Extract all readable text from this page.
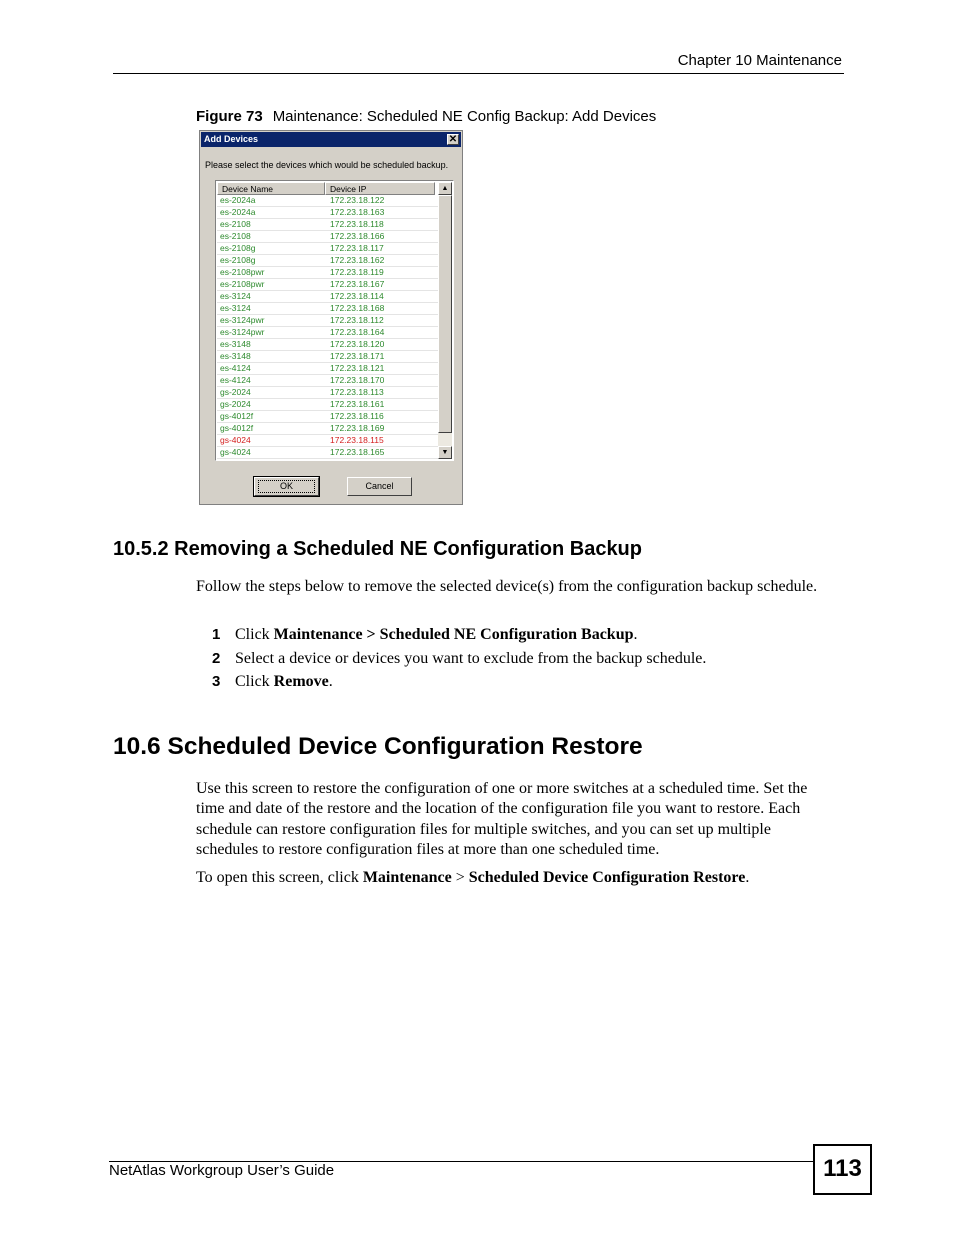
Chapter 10 Maintenance
Figure 73 Maintenance: Scheduled NE Config Backup: Add Devices
Add Devices	✕
Please select the devices which would be scheduled backup.
Device Name	Device IP
es-2024a	172.23.18.122
es-2024a	172.23.18.163
es-2108	172.23.18.118
es-2108	172.23.18.166
es-2108g	172.23.18.117
es-2108g	172.23.18.162
es-2108pwr	172.23.18.119
es-2108pwr	172.23.18.167
es-3124	172.23.18.114
es-3124	172.23.18.168
es-3124pwr	172.23.18.112
es-3124pwr	172.23.18.164
es-3148	172.23.18.120
es-3148	172.23.18.171
es-4124	172.23.18.121
es-4124	172.23.18.170
gs-2024	172.23.18.113
gs-2024	172.23.18.161
gs-4012f	172.23.18.116
gs-4012f	172.23.18.169
gs-4024	172.23.18.115
gs-4024	172.23.18.165
▲
▼
OK	Cancel
10.5.2 Removing a Scheduled NE Configuration Backup
Follow the steps below to remove the selected device(s) from the configuration backup schedule.
1 Click Maintenance > Scheduled NE Configuration Backup.
2 Select a device or devices you want to exclude from the backup schedule.
3 Click Remove.
10.6 Scheduled Device Configuration Restore
Use this screen to restore the configuration of one or more switches at a scheduled time. Set the time and date of the restore and the location of the configuration file you want to restore. Each schedule can restore configuration files for multiple switches, and you can set up multiple schedules to restore configuration files at more than one scheduled time.
To open this screen, click Maintenance > Scheduled Device Configuration Restore.
NetAtlas Workgroup User’s Guide	113
